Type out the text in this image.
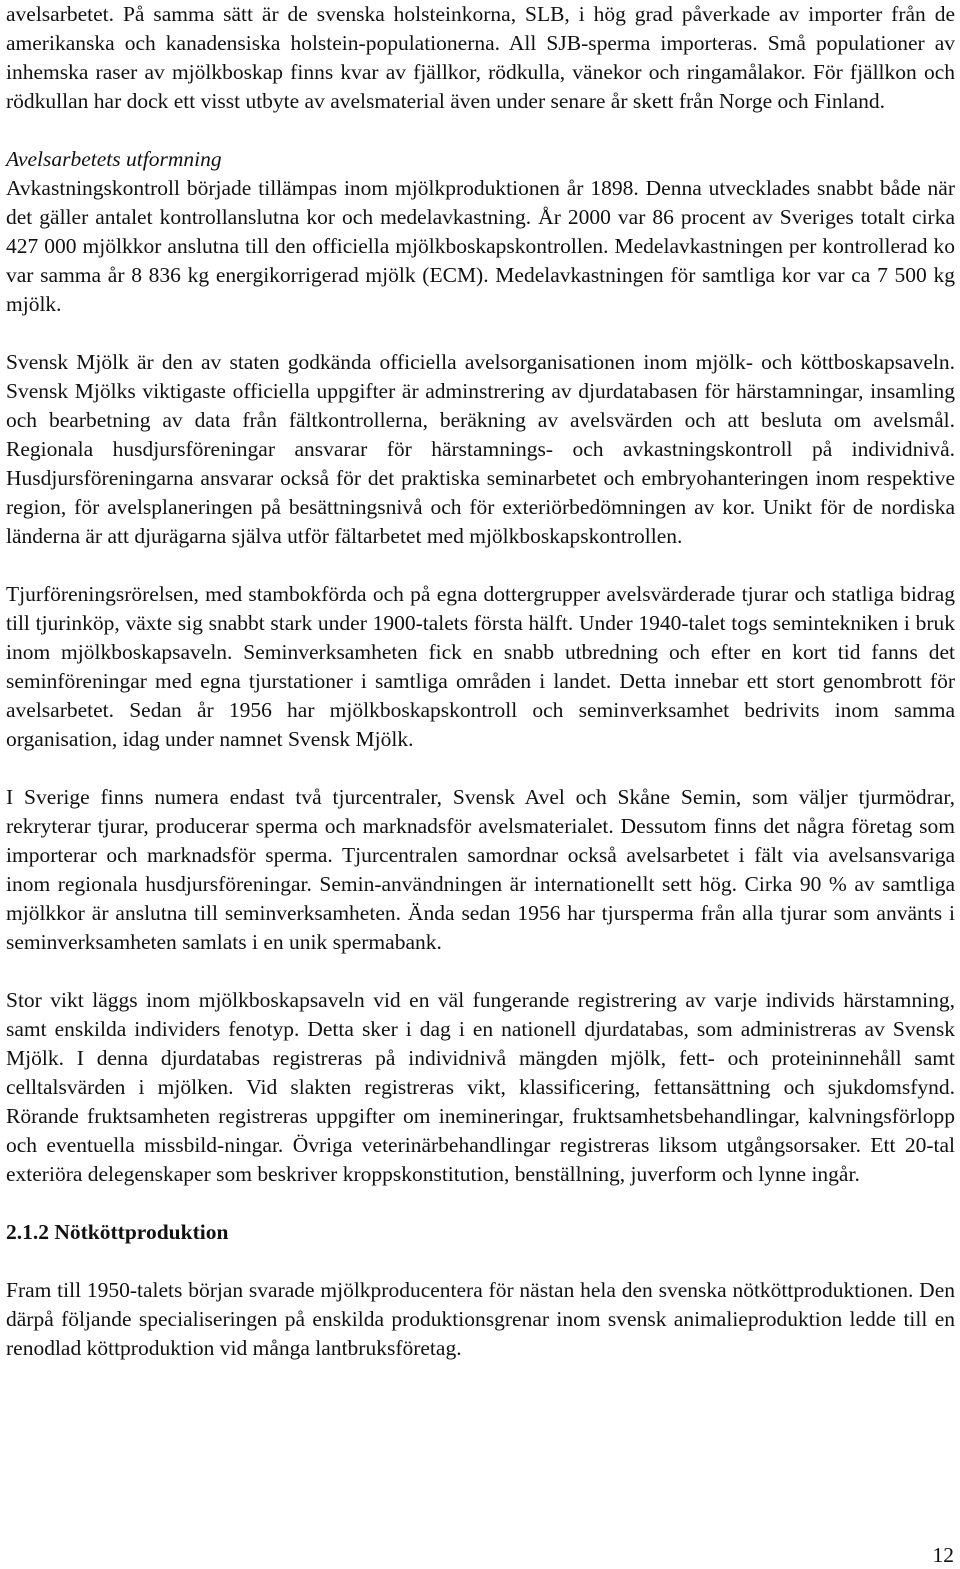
avelsarbetet. På samma sätt är de svenska holsteinkorna, SLB, i hög grad påverkade av importer från de amerikanska och kanadensiska holstein-populationerna. All SJB-sperma importeras. Små populationer av inhemska raser av mjölkboskap finns kvar av fjällkor, rödkulla, vänekor och ringamålakor. För fjällkon och rödkullan har dock ett visst utbyte av avelsmaterial även under senare år skett från Norge och Finland.

Avelsarbetets utformning

Avkastningskontroll började tillämpas inom mjölkproduktionen år 1898. Denna utvecklades snabbt både när det gäller antalet kontrollanslutna kor och medelavkastning. År 2000 var 86 procent av Sveriges totalt cirka 427 000 mjölkkor anslutna till den officiella mjölkboskapskontrollen. Medelavkastningen per kontrollerad ko var samma år 8 836 kg energikorrigerad mjölk (ECM). Medelavkastningen för samtliga kor var ca 7 500 kg mjölk.

Svensk Mjölk är den av staten godkända officiella avelsorganisationen inom mjölk- och köttboskapsaveln. Svensk Mjölks viktigaste officiella uppgifter är adminstrering av djurdatabasen för härstamningar, insamling och bearbetning av data från fältkontrollerna, beräkning av avelsvärden och att besluta om avelsmål. Regionala husdjursföreningar ansvarar för härstamnings- och avkastningskontroll på individnivå. Husdjursföreningarna ansvarar också för det praktiska seminarbetet och embryohanteringen inom respektive region, för avelsplaneringen på besättningsnivå och för exteriörbedömningen av kor. Unikt för de nordiska länderna är att djurägarna själva utför fältarbetet med mjölkboskapskontrollen.

Tjurföreningsrörelsen, med stambokförda och på egna dottergrupper avelsvärderade tjurar och statliga bidrag till tjurinköp, växte sig snabbt stark under 1900-talets första hälft. Under 1940-talet togs semintekniken i bruk inom mjölkboskapsaveln. Seminverksamheten fick en snabb utbredning och efter en kort tid fanns det seminföreningar med egna tjurstationer i samtliga områden i landet. Detta innebar ett stort genombrott för avelsarbetet. Sedan år 1956 har mjölkboskapskontroll och seminverksamhet bedrivits inom samma organisation, idag under namnet Svensk Mjölk.

I Sverige finns numera endast två tjurcentraler, Svensk Avel och Skåne Semin, som väljer tjurmödrar, rekryterar tjurar, producerar sperma och marknadsför avelsmaterialet. Dessutom finns det några företag som importerar och marknadsför sperma. Tjurcentralen samordnar också avelsarbetet i fält via avelsansvariga inom regionala husdjursföreningar. Semin-användningen är internationellt sett hög. Cirka 90 % av samtliga mjölkkor är anslutna till seminverksamheten. Ända sedan 1956 har tjursperma från alla tjurar som använts i seminverksamheten samlats i en unik spermabank.

Stor vikt läggs inom mjölkboskapsaveln vid en väl fungerande registrering av varje individs härstamning, samt enskilda individers fenotyp. Detta sker i dag i en nationell djurdatabas, som administreras av Svensk Mjölk. I denna djurdatabas registreras på individnivå mängden mjölk, fett- och proteininnehåll samt celltalsvärden i mjölken. Vid slakten registreras vikt, klassificering, fettansättning och sjukdomsfynd. Rörande fruktsamheten registreras uppgifter om inemineringar, fruktsamhetsbehandlingar, kalvningsförlopp och eventuella missbild-ningar. Övriga veterinärbehandlingar registreras liksom utgångsorsaker. Ett 20-tal exteriöra delegenskaper som beskriver kroppskonstitution, benställning, juverform och lynne ingår.

2.1.2 Nötköttproduktion

Fram till 1950-talets början svarade mjölkproducentera för nästan hela den svenska nötköttproduktionen. Den därpå följande specialiseringen på enskilda produktionsgrenar inom svensk animalieproduktion ledde till en renodlad köttproduktion vid många lantbruksföretag.

12
